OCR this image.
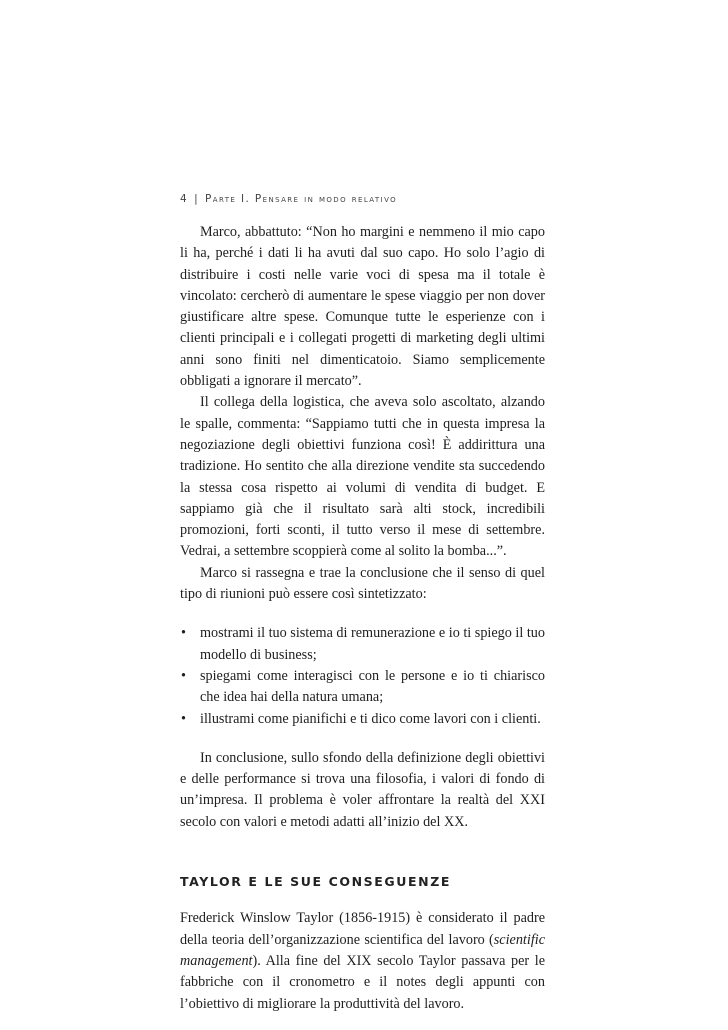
4 | Parte I. Pensare in modo relativo

Marco, abbattuto: “Non ho margini e nemmeno il mio capo li ha, perché i dati li ha avuti dal suo capo. Ho solo l’agio di distribuire i costi nelle varie voci di spesa ma il totale è vincolato: cercherò di aumentare le spese viaggio per non dover giustificare altre spese. Comunque tutte le esperienze con i clienti principali e i collegati progetti di marketing degli ultimi anni sono finiti nel dimenticatoio. Siamo semplicemente obbligati a ignorare il mercato”.

Il collega della logistica, che aveva solo ascoltato, alzando le spalle, commenta: “Sappiamo tutti che in questa impresa la negoziazione degli obiettivi funziona così! È addirittura una tradizione. Ho sentito che alla direzione vendite sta succedendo la stessa cosa rispetto ai volumi di vendita di budget. E sappiamo già che il risultato sarà alti stock, incredibili promozioni, forti sconti, il tutto verso il mese di settembre. Vedrai, a settembre scoppierà come al solito la bomba...”.

Marco si rassegna e trae la conclusione che il senso di quel tipo di riunioni può essere così sintetizzato:

• mostrami il tuo sistema di remunerazione e io ti spiego il tuo modello di business;
• spiegami come interagisci con le persone e io ti chiarisco che idea hai della natura umana;
• illustrami come pianifichi e ti dico come lavori con i clienti.

In conclusione, sullo sfondo della definizione degli obiettivi e delle performance si trova una filosofia, i valori di fondo di un’impresa. Il problema è voler affrontare la realtà del XXI secolo con valori e metodi adatti all’inizio del XX.

TAYLOR E LE SUE CONSEGUENZE

Frederick Winslow Taylor (1856-1915) è considerato il padre della teoria dell’organizzazione scientifica del lavoro (scientific management). Alla fine del XIX secolo Taylor passava per le fabbriche con il cronometro e il notes degli appunti con l’obiettivo di migliorare la produttività del lavoro.
